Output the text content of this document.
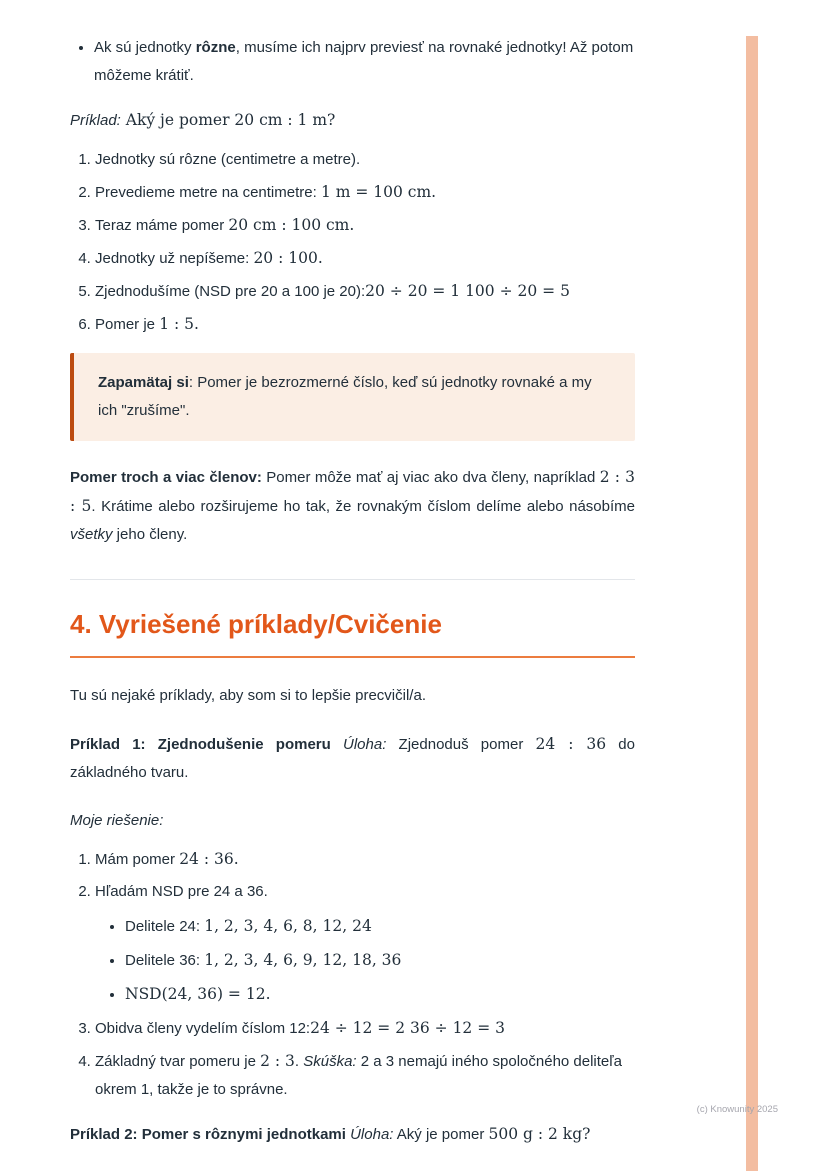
• Ak sú jednotky rôzne, musíme ich najprv previesť na rovnaké jednotky! Až potom môžeme krátiť.

Príklad: Aký je pomer 20 cm : 1 m?

1. Jednotky sú rôzne (centimetre a metre).
2. Prevedieme metre na centimetre: 1 m = 100 cm.
3. Teraz máme pomer 20 cm : 100 cm.
4. Jednotky už nepíšeme: 20 : 100.
5. Zjednodušíme (NSD pre 20 a 100 je 20):20 ÷ 20 = 1 100 ÷ 20 = 5
6. Pomer je 1 : 5.

Zapamätaj si: Pomer je bezrozmerné číslo, keď sú jednotky rovnaké a my ich "zrušíme".

Pomer troch a viac členov: Pomer môže mať aj viac ako dva členy, napríklad 2 : 3 : 5. Krátime alebo rozširujeme ho tak, že rovnakým číslom delíme alebo násobíme všetky jeho členy.

4. Vyriešené príklady/Cvičenie

Tu sú nejaké príklady, aby som si to lepšie precvičil/a.

Príklad 1: Zjednodušenie pomeru Úloha: Zjednoduš pomer 24 : 36 do základného tvaru.

Moje riešenie:

1. Mám pomer 24 : 36.
2. Hľadám NSD pre 24 a 36.
• Delitele 24: 1, 2, 3, 4, 6, 8, 12, 24
• Delitele 36: 1, 2, 3, 4, 6, 9, 12, 18, 36
• NSD(24, 36) = 12.
3. Obidva členy vydelím číslom 12:24 ÷ 12 = 2 36 ÷ 12 = 3
4. Základný tvar pomeru je 2 : 3. Skúška: 2 a 3 nemajú iného spoločného deliteľa okrem 1, takže je to správne.

Príklad 2: Pomer s rôznymi jednotkami Úloha: Aký je pomer 500 g : 2 kg?

(c) Knowunity 2025
